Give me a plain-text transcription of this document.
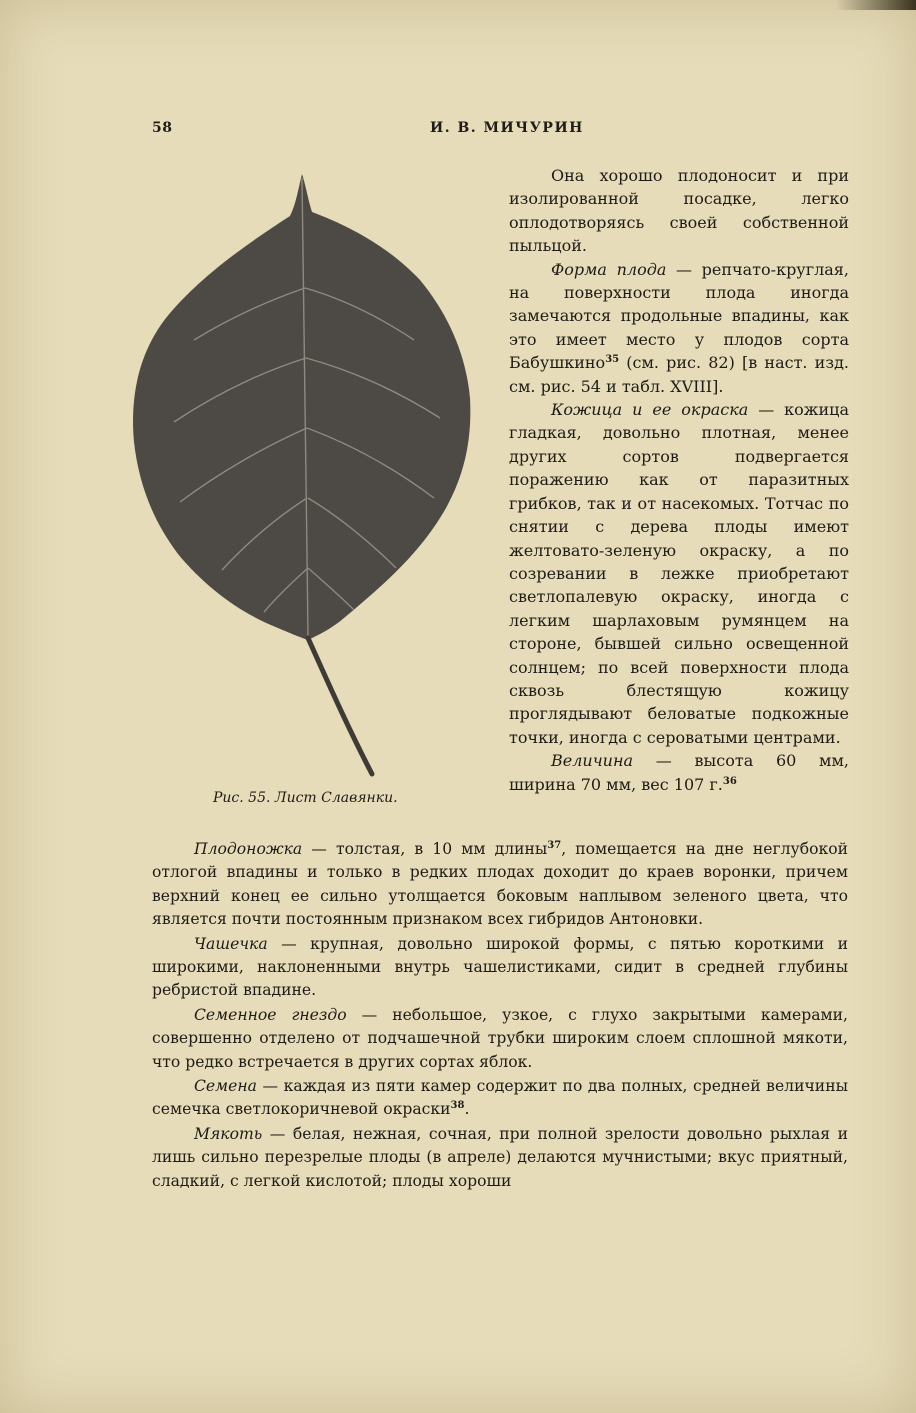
58	И. В. МИЧУРИН
Рис. 55. Лист Славянки.

Она хорошо плодоносит и при изолированной посадке, легко оплодотворяясь своей собственной пыльцой.

Форма плода — репчато-круглая, на поверхности плода иногда замечаются продольные впадины, как это имеет место у плодов сорта Бабушкино$^{35}$ (см. рис. 82) [в наст. изд. см. рис. 54 и табл. XVIII].

Кожица и ее окраска — кожица гладкая, довольно плотная, менее других сортов подвергается поражению как от паразитных грибков, так и от насекомых. Тотчас по снятии с дерева плоды имеют желтовато-зеленую окраску, а по созревании в лежке приобретают светлопалевую окраску, иногда с легким шарлаховым румянцем на стороне, бывшей сильно освещенной солнцем; по всей поверхности плода сквозь блестящую кожицу проглядывают беловатые подкожные точки, иногда с сероватыми центрами.

Величина — высота 60 мм, ширина 70 мм, вес 107 г.$^{36}$

Плодоножка — толстая, в 10 мм длины$^{37}$, помещается на дне неглубокой отлогой впадины и только в редких плодах доходит до краев воронки, причем верхний конец ее сильно утолщается боковым наплывом зеленого цвета, что является почти постоянным признаком всех гибридов Антоновки.

Чашечка — крупная, довольно широкой формы, с пятью короткими и широкими, наклоненными внутрь чашелистиками, сидит в средней глубины ребристой впадине.

Семенное гнездо — небольшое, узкое, с глухо закрытыми камерами, совершенно отделено от подчашечной трубки широким слоем сплошной мякоти, что редко встречается в других сортах яблок.

Семена — каждая из пяти камер содержит по два полных, средней величины семечка светлокоричневой окраски$^{38}$.

Мякоть — белая, нежная, сочная, при полной зрелости довольно рыхлая и лишь сильно перезрелые плоды (в апреле) делаются мучнистыми; вкус приятный, сладкий, с легкой кислотой; плоды хороши
